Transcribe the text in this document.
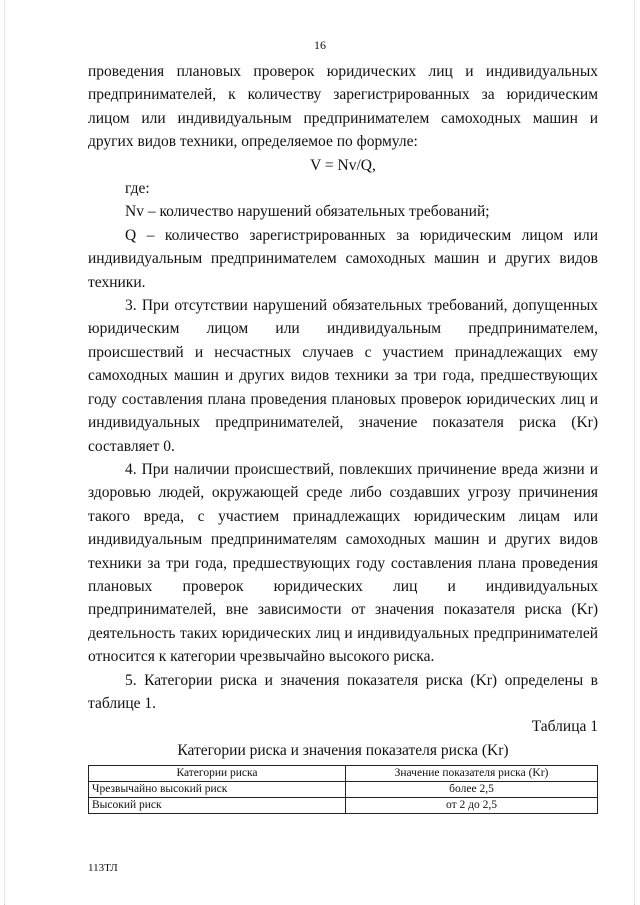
16

проведения плановых проверок юридических лиц и индивидуальных предпринимателей, к количеству зарегистрированных за юридическим лицом или индивидуальным предпринимателем самоходных машин и других видов техники, определяемое по формуле:

V = Nv/Q,

где:

Nv – количество нарушений обязательных требований;

Q – количество зарегистрированных за юридическим лицом или индивидуальным предпринимателем самоходных машин и других видов техники.

3. При отсутствии нарушений обязательных требований, допущенных юридическим лицом или индивидуальным предпринимателем, происшествий и несчастных случаев с участием принадлежащих ему самоходных машин и других видов техники за три года, предшествующих году составления плана проведения плановых проверок юридических лиц и индивидуальных предпринимателей, значение показателя риска (Kr) составляет 0.

4. При наличии происшествий, повлекших причинение вреда жизни и здоровью людей, окружающей среде либо создавших угрозу причинения такого вреда, с участием принадлежащих юридическим лицам или индивидуальным предпринимателям самоходных машин и других видов техники за три года, предшествующих году составления плана проведения плановых проверок юридических лиц и индивидуальных предпринимателей, вне зависимости от значения показателя риска (Kr) деятельность таких юридических лиц и индивидуальных предпринимателей относится к категории чрезвычайно высокого риска.

5. Категории риска и значения показателя риска (Kr) определены в таблице 1.

Таблица 1

Категории риска и значения показателя риска (Kr)

Категории риска	Значение показателя риска (Kr)
Чрезвычайно высокий риск	более 2,5
Высокий риск	от 2 до 2,5
113ТЛ
